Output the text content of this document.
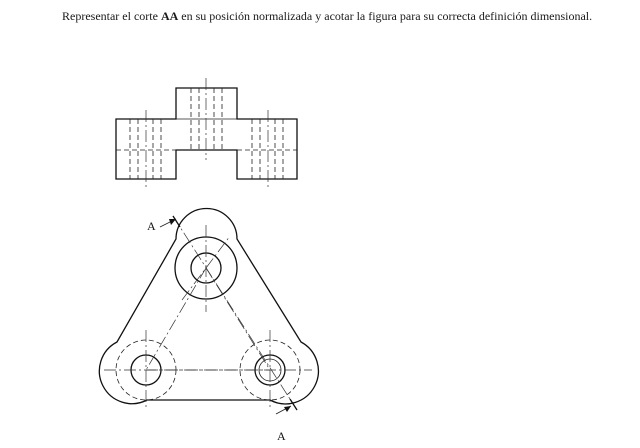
Representar el corte AA en su posición normalizada y acotar la figura para su correcta definición dimensional.
A
A
